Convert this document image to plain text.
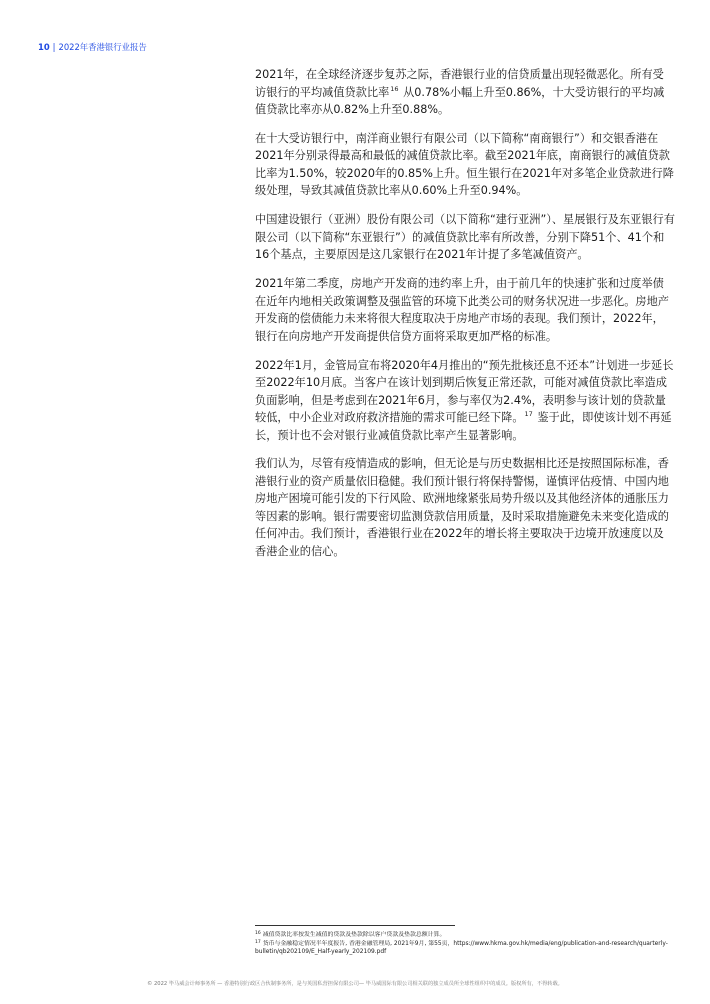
10 | 2022年香港银行业报告

2021年，在全球经济逐步复苏之际，香港银行业的信贷质量出现轻微恶化。所有受访银行的平均减值贷款比率$^{16}$ 从0.78%小幅上升至0.86%，十大受访银行的平均减值贷款比率亦从0.82%上升至0.88%。

在十大受访银行中，南洋商业银行有限公司（以下简称“南商银行”）和交银香港在2021年分别录得最高和最低的减值贷款比率。截至2021年底，南商银行的减值贷款比率为1.50%，较2020年的0.85%上升。恒生银行在2021年对多笔企业贷款进行降级处理，导致其减值贷款比率从0.60%上升至0.94%。

中国建设银行（亚洲）股份有限公司（以下简称“建行亚洲”）、星展银行及东亚银行有限公司（以下简称“东亚银行”）的减值贷款比率有所改善，分别下降51个、41个和16个基点，主要原因是这几家银行在2021年计提了多笔减值资产。

2021年第二季度，房地产开发商的违约率上升，由于前几年的快速扩张和过度举债在近年内地相关政策调整及强监管的环境下此类公司的财务状况进一步恶化。房地产开发商的偿债能力未来将很大程度取决于房地产市场的表现。我们预计，2022年，银行在向房地产开发商提供信贷方面将采取更加严格的标准。

2022年1月，金管局宣布将2020年4月推出的“预先批核还息不还本”计划进一步延长至2022年10月底。当客户在该计划到期后恢复正常还款，可能对减值贷款比率造成负面影响，但是考虑到在2021年6月，参与率仅为2.4%，表明参与该计划的贷款量较低，中小企业对政府救济措施的需求可能已经下降。$^{17}$ 鉴于此，即使该计划不再延长，预计也不会对银行业减值贷款比率产生显著影响。

我们认为，尽管有疫情造成的影响，但无论是与历史数据相比还是按照国际标准，香港银行业的资产质量依旧稳健。我们预计银行将保持警惕，谨慎评估疫情、中国内地房地产困境可能引发的下行风险、欧洲地缘紧张局势升级以及其他经济体的通胀压力等因素的影响。银行需要密切监测贷款信用质量，及时采取措施避免未来变化造成的任何冲击。我们预计，香港银行业在2022年的增长将主要取决于边境开放速度以及香港企业的信心。

$^{16}$ 减值贷款比率按发生减值的贷款及垫款除以客户贷款及垫款总额计算。

$^{17}$ 货币与金融稳定情况半年度报告, 香港金融管理局, 2021年9月, 第55页，https://www.hkma.gov.hk/media/eng/publication-and-research/quarterly-bulletin/qb202109/E_Half-yearly_202109.pdf

© 2022 毕马威会计师事务所 — 香港特别行政区合伙制事务所，是与英国私营担保有限公司— 毕马威国际有限公司相关联的独立成员所全球性组织中的成员。版权所有，不得转载。
